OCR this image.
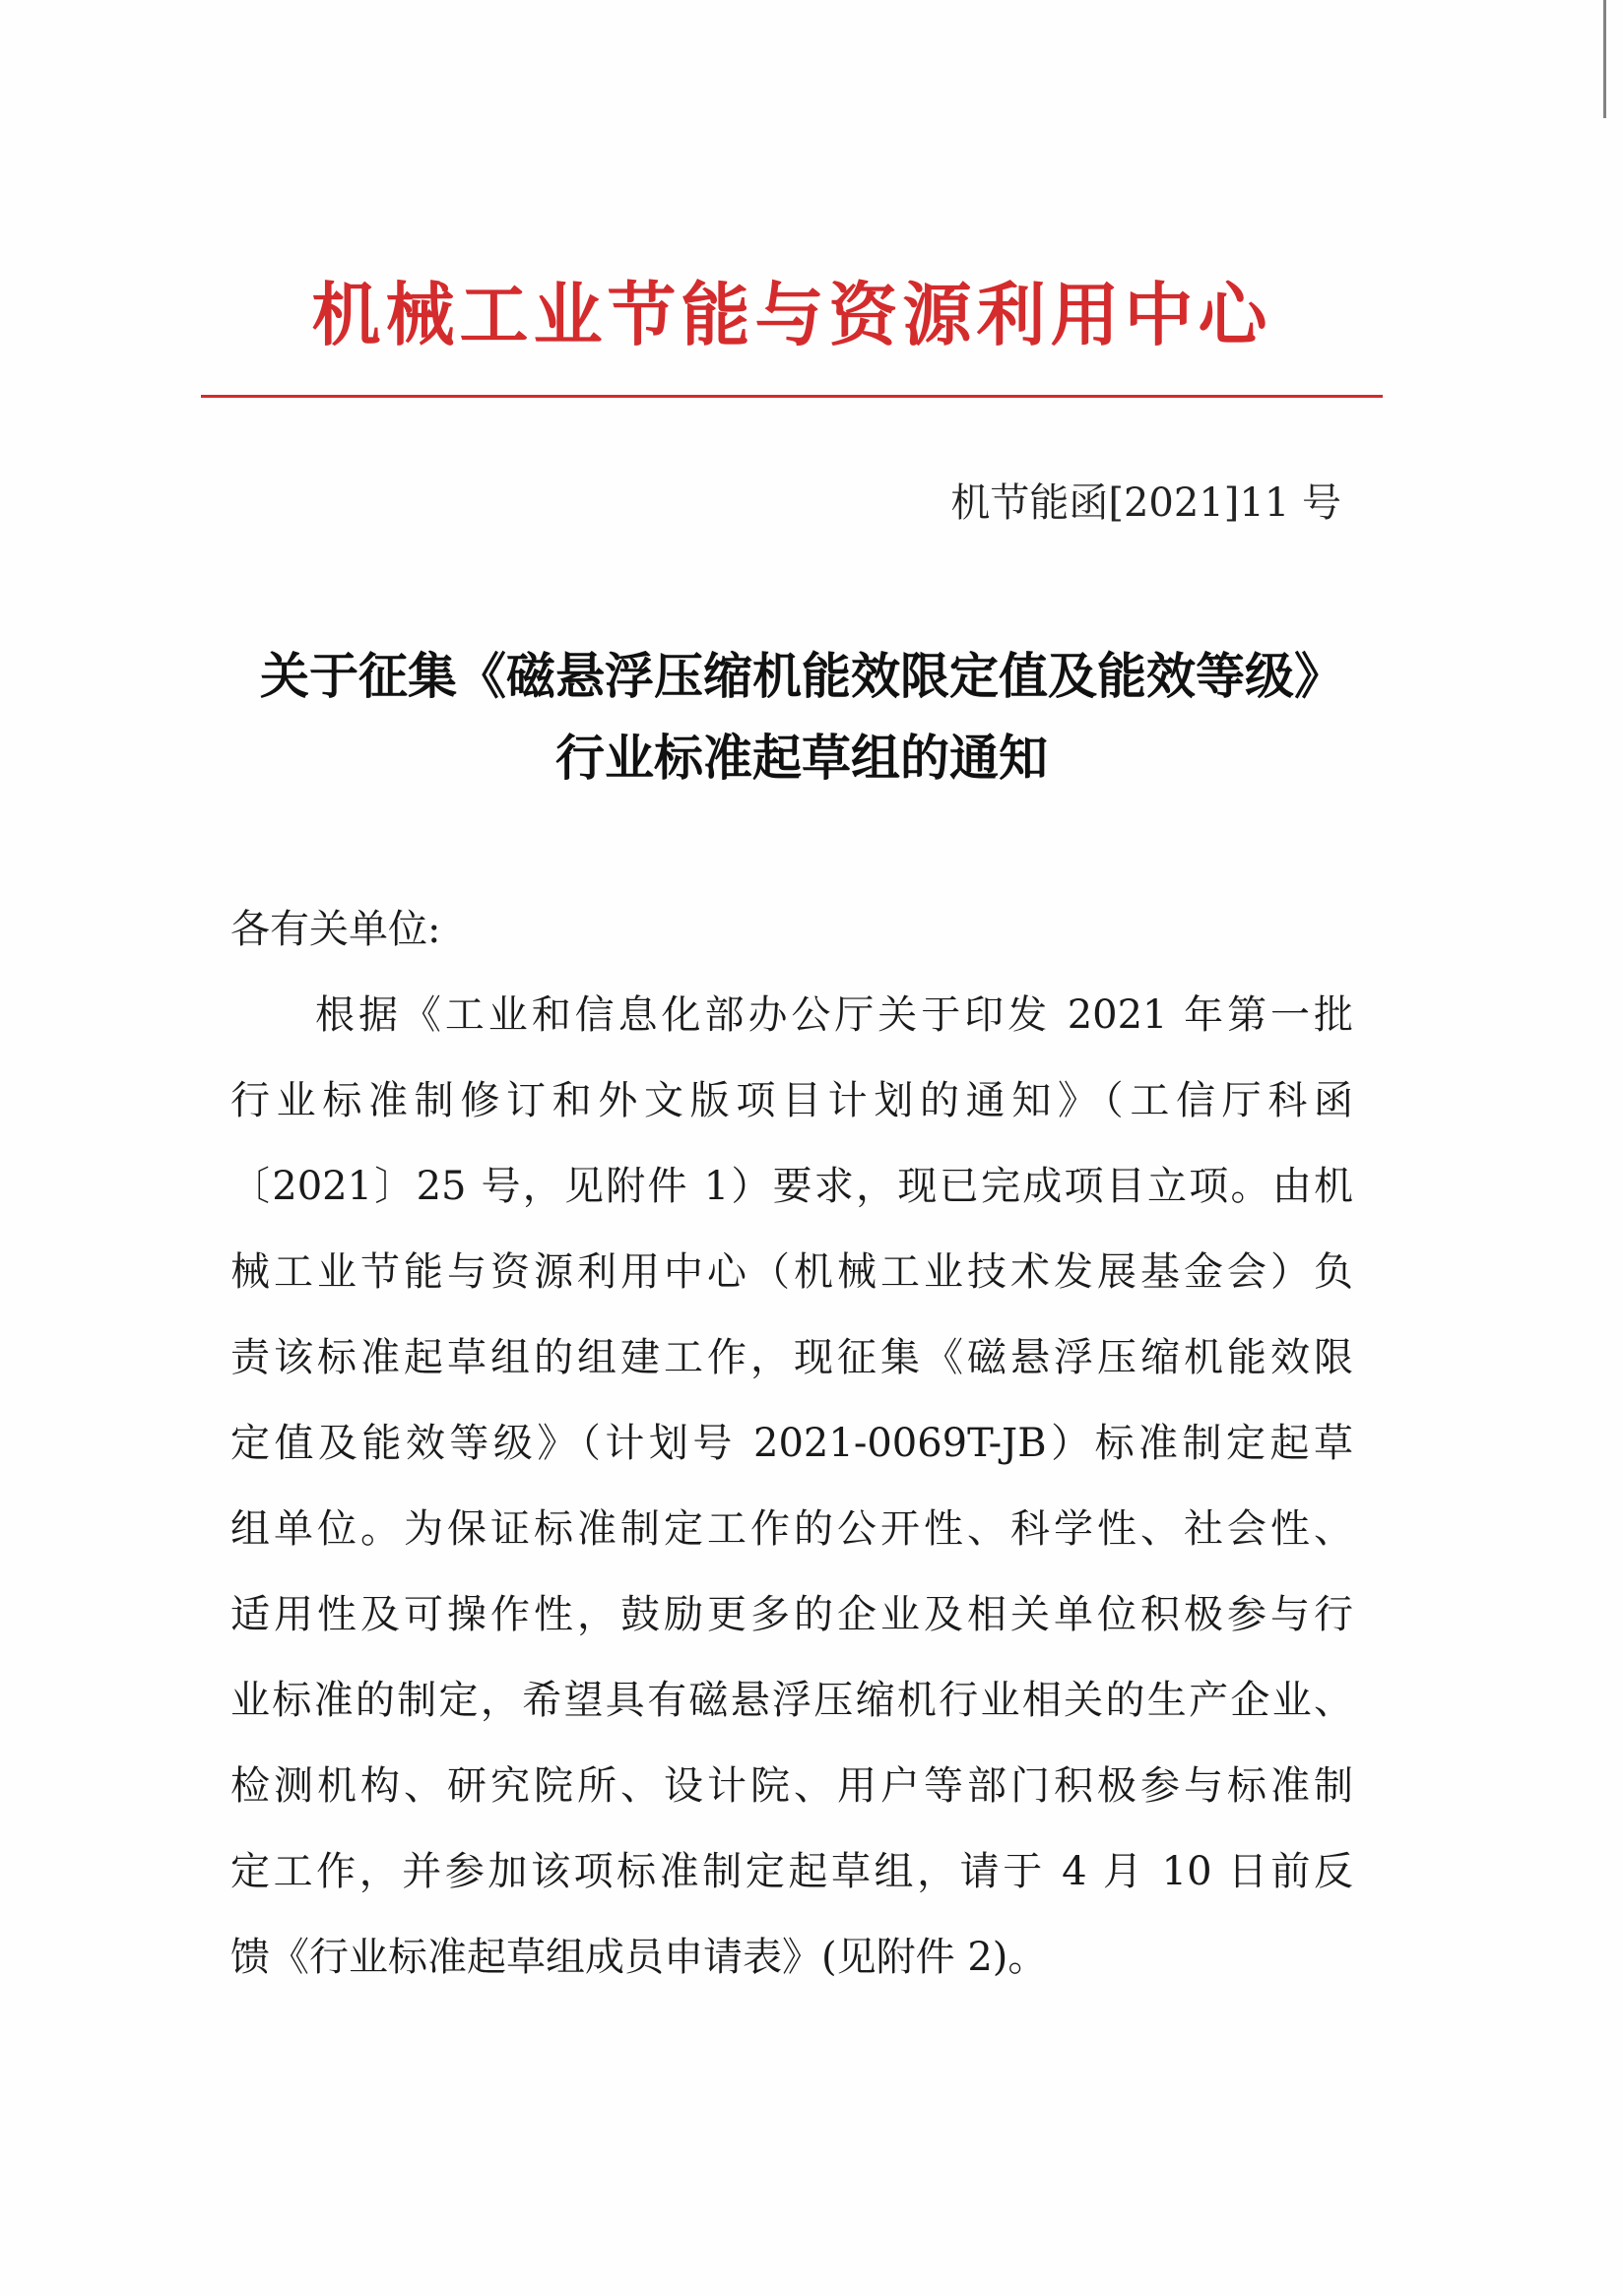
机械工业节能与资源利用中心
机节能函[2021]11 号
关于征集《磁悬浮压缩机能效限定值及能效等级》
行业标准起草组的通知
各有关单位:
根据《工业和信息化部办公厅关于印发 2021 年第一批
行业标准制修订和外文版项目计划的通知》（工信厅科函
〔2021〕25 号，见附件 1）要求，现已完成项目立项。由机
械工业节能与资源利用中心（机械工业技术发展基金会）负
责该标准起草组的组建工作，现征集《磁悬浮压缩机能效限
定值及能效等级》（计划号 2021-0069T-JB）标准制定起草
组单位。为保证标准制定工作的公开性、科学性、社会性、
适用性及可操作性，鼓励更多的企业及相关单位积极参与行
业标准的制定，希望具有磁悬浮压缩机行业相关的生产企业、
检测机构、研究院所、设计院、用户等部门积极参与标准制
定工作，并参加该项标准制定起草组，请于 4 月 10 日前反
馈《行业标准起草组成员申请表》(见附件 2)。
